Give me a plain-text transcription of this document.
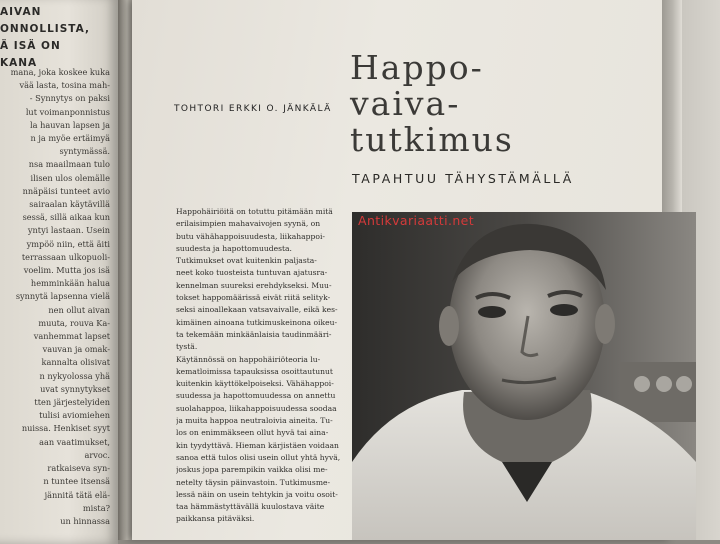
AIVAN
ONNOLLISTA,
Ä ISÄ ON
KANA
mana, joka koskee kuka
vää lasta, tosina mah-
- Synnytys on paksi
lut voimanponnistus
la hauvan lapsen ja
n ja myöe ertäimyä
syntymässä.
nsa maailmaan tulo
ilisen ulos olemälle
nnäpäisi tunteet avio
sairaalan käytävillä
sessä, sillä aikaa kun
yntyi lastaan. Usein
ympöö niin, että äiti
terrassaan ulkopuoli-
voelim. Mutta jos isä
hemminkään halua
synnytä lapsenna vielä
nen ollut aivan
muuta, rouva Ka-
vanhemmat lapset
vauvan ja omak-
kannalta olisivat
n nykyolossa yhä
uvat synnytykset
tten järjestelyiden
tulisi aviomiehen
nuissa. Henkiset syyt
aan vaatimukset,
arvoc.
ratkaiseva syn-
n tuntee itsensä
jännitä tätä elä-
mista?
un hinnassa
TOHTORI ERKKI O. JÄNKÄLÄ
Happo-
vaiva-
tutkimus
TAPAHTUU TÄHYSTÄMÄLLÄ
Happohäiriöitä on totuttu pitämään mitä
erilaisimpien mahavaivojen syynä, on
butu vähähappoisuudesta, liikahappoi-
suudesta ja hapottomuudesta.
Tutkimukset ovat kuitenkin paljasta-
neet koko tuosteista tuntuvan ajatusra-
kennelman suureksi erehdykseksi. Muu-
tokset happomäärissä eivät riitä selityk-
seksi ainoallekaan vatsavaivalle, eikä kes-
kimäinen ainoana tutkimuskeinona oikeu-
ta tekemään minkäänlaisia taudinmääri-
tystä.
Käytännössä on happohäiriöteoria lu-
kematloimissa tapauksissa osoittautunut
kuitenkin käyttökelpoiseksi. Vähähappoi-
suudessa ja hapottomuudessa on annettu
suolahappoa, liikahappoisuudessa soodaa
ja muita happoa neutraloivia aineita. Tu-
los on enimmäkseen ollut hyvä tai aina-
kin tyydyttävä. Hieman kärjistäen voidaan
sanoa että tulos olisi usein ollut yhtä hyvä,
joskus jopa parempikin vaikka olisi me-
netelty täysin päinvastoin. Tutkimusme-
lessä näin on usein tehtykin ja voitu osoit-
taa hämmästyttävällä kuulostava väite
paikkansa pitäväksi.
Antikvariaatti.net
